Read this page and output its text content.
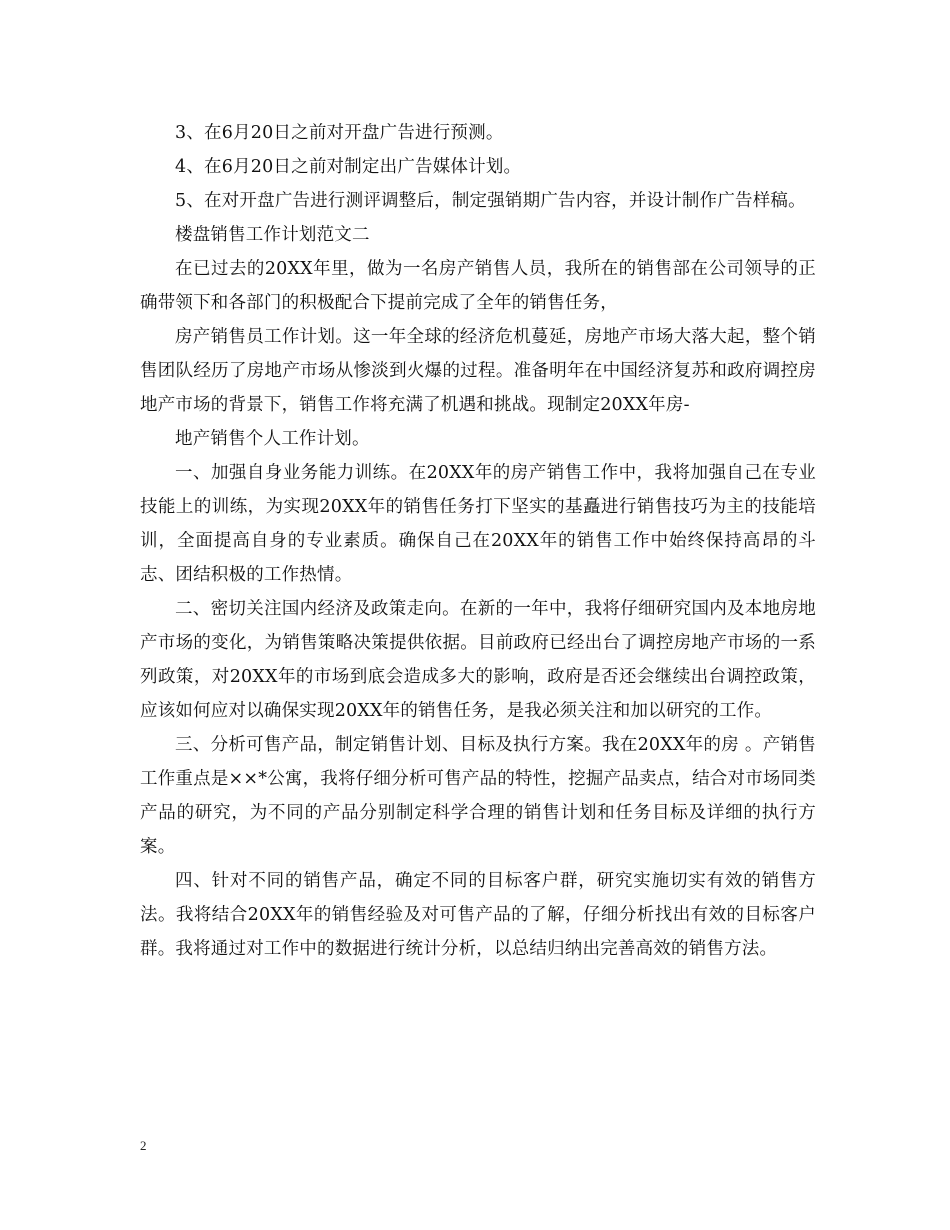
3、在6月20日之前对开盘广告进行预测。

4、在6月20日之前对制定出广告媒体计划。

5、在对开盘广告进行测评调整后，制定强销期广告内容，并设计制作广告样稿。

楼盘销售工作计划范文二

在已过去的20XX年里，做为一名房产销售人员，我所在的销售部在公司领导的正确带领下和各部门的积极配合下提前完成了全年的销售任务，

房产销售员工作计划。这一年全球的经济危机蔓延，房地产市场大落大起，整个销售团队经历了房地产市场从惨淡到火爆的过程。准备明年在中国经济复苏和政府调控房地产市场的背景下，销售工作将充满了机遇和挑战。现制定20XX年房-

地产销售个人工作计划。

一、加强自身业务能力训练。在20XX年的房产销售工作中，我将加强自己在专业技能上的训练，为实现20XX年的销售任务打下坚实的基矗进行销售技巧为主的技能培训，全面提高自身的专业素质。确保自己在20XX年的销售工作中始终保持高昂的斗志、团结积极的工作热情。

二、密切关注国内经济及政策走向。在新的一年中，我将仔细研究国内及本地房地产市场的变化，为销售策略决策提供依据。目前政府已经出台了调控房地产市场的一系列政策，对20XX年的市场到底会造成多大的影响，政府是否还会继续出台调控政策，应该如何应对以确保实现20XX年的销售任务，是我必须关注和加以研究的工作。

三、分析可售产品，制定销售计划、目标及执行方案。我在20XX年的房 。产销售工作重点是××*公寓，我将仔细分析可售产品的特性，挖掘产品卖点，结合对市场同类产品的研究，为不同的产品分别制定科学合理的销售计划和任务目标及详细的执行方案。

四、针对不同的销售产品，确定不同的目标客户群，研究实施切实有效的销售方法。我将结合20XX年的销售经验及对可售产品的了解，仔细分析找出有效的目标客户群。我将通过对工作中的数据进行统计分析，以总结归纳出完善高效的销售方法。

2
